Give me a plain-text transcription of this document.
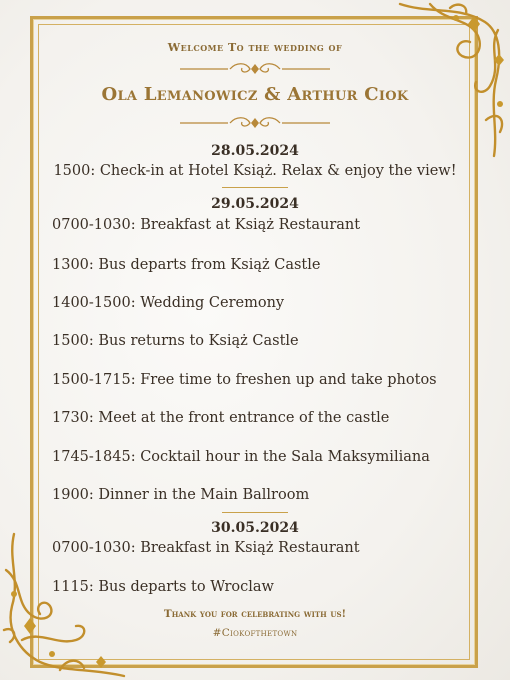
Welcome To the wedding of
Ola Lemanowicz & Arthur Ciok
28.05.2024
1500: Check-in at Hotel Książ. Relax & enjoy the view!
29.05.2024
0700-1030: Breakfast at Książ Restaurant
1300: Bus departs from Książ Castle
1400-1500: Wedding Ceremony
1500: Bus returns to Książ Castle
1500-1715: Free time to freshen up and take photos
1730: Meet at the front entrance of the castle
1745-1845: Cocktail hour in the Sala Maksymiliana
1900: Dinner in the Main Ballroom
30.05.2024
0700-1030: Breakfast in Książ Restaurant
1115: Bus departs to Wroclaw
Thank you for celebrating with us!
#Ciokofthetown
